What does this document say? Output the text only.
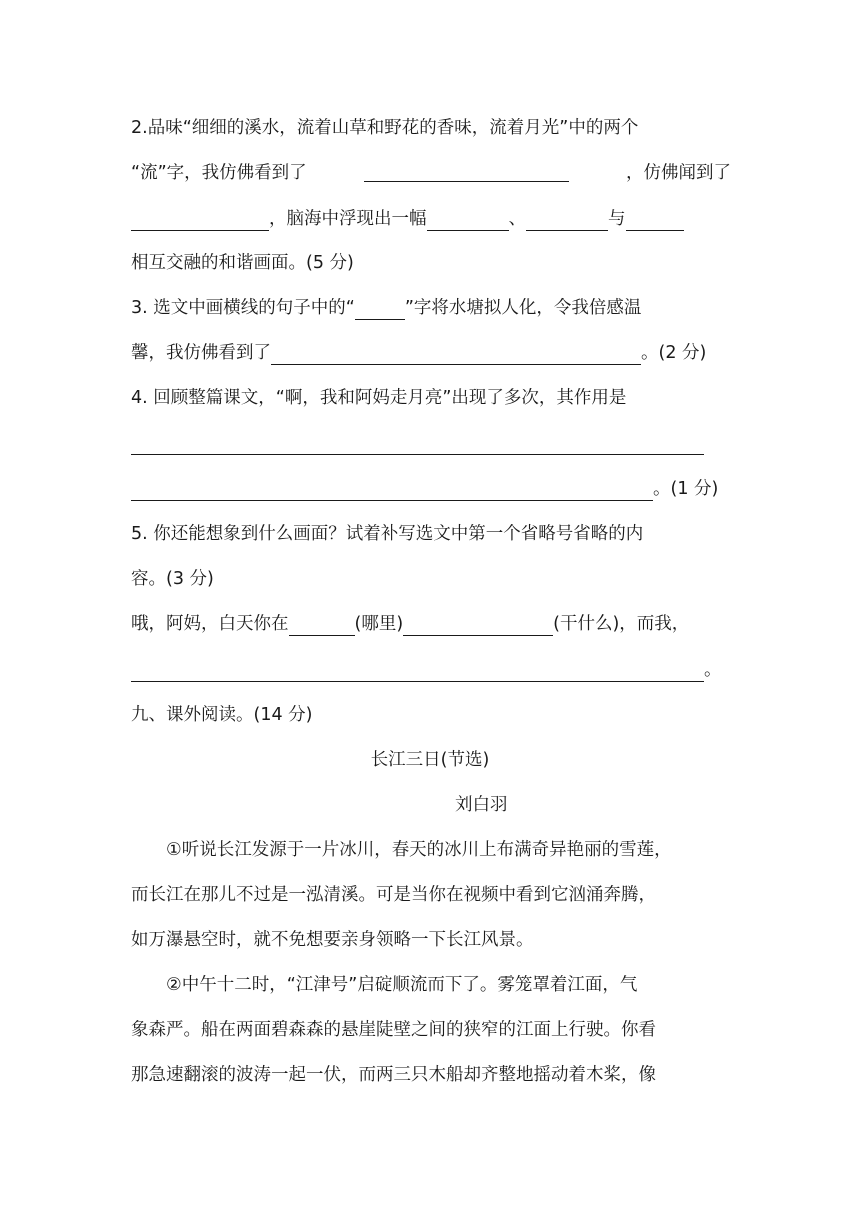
2.品味“细细的溪水，流着山草和野花的香味，流着月光”中的两个
“流”字，我仿佛看到了	，仿佛闻到了
，脑海中浮现出一幅	、	与
相互交融的和谐画面。(5 分)
3. 选文中画横线的句子中的“	”字将水塘拟人化，令我倍感温
馨，我仿佛看到了	。(2 分)
4. 回顾整篇课文，“啊，我和阿妈走月亮”出现了多次，其作用是
。(1 分)
5. 你还能想象到什么画面？试着补写选文中第一个省略号省略的内
容。(3 分)
哦，阿妈，白天你在	(哪里)	(干什么)，而我，
。
九、课外阅读。(14 分)
长江三日(节选)
刘白羽
①听说长江发源于一片冰川，春天的冰川上布满奇异艳丽的雪莲，
而长江在那儿不过是一泓清溪。可是当你在视频中看到它汹涌奔腾，
如万瀑悬空时，就不免想要亲身领略一下长江风景。
②中午十二时，“江津号”启碇顺流而下了。雾笼罩着江面，气
象森严。船在两面碧森森的悬崖陡壁之间的狭窄的江面上行驶。你看
那急速翻滚的波涛一起一伏，而两三只木船却齐整地摇动着木桨，像
